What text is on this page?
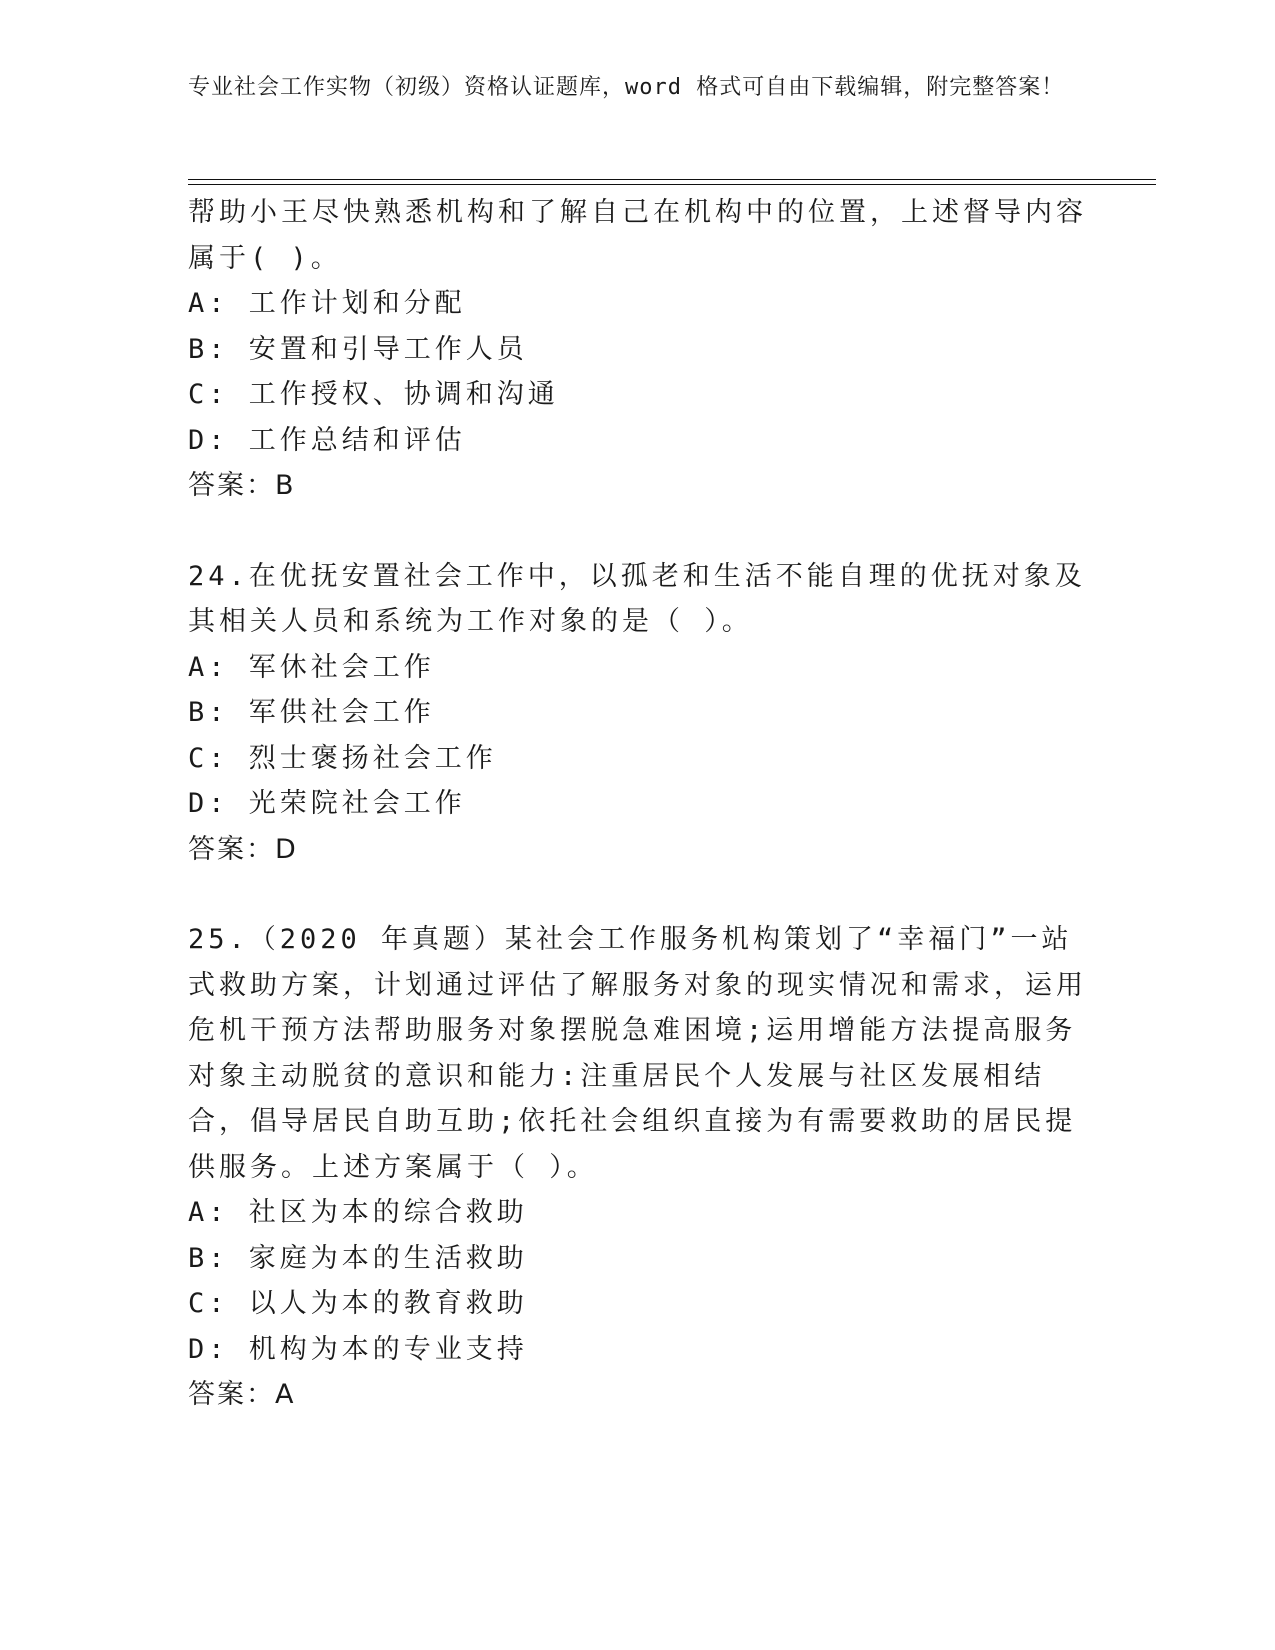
专业社会工作实物（初级）资格认证题库，word 格式可自由下载编辑，附完整答案！
帮助小王尽快熟悉机构和了解自己在机构中的位置，上述督导内容属于( )。
A: 工作计划和分配
B: 安置和引导工作人员
C: 工作授权、协调和沟通
D: 工作总结和评估
答案：B
24.在优抚安置社会工作中，以孤老和生活不能自理的优抚对象及其相关人员和系统为工作对象的是（ ）。
A: 军休社会工作
B: 军供社会工作
C: 烈士褒扬社会工作
D: 光荣院社会工作
答案：D
25.（2020 年真题）某社会工作服务机构策划了“幸福门”一站式救助方案，计划通过评估了解服务对象的现实情况和需求，运用危机干预方法帮助服务对象摆脱急难困境;运用增能方法提高服务对象主动脱贫的意识和能力:注重居民个人发展与社区发展相结合，倡导居民自助互助;依托社会组织直接为有需要救助的居民提供服务。上述方案属于（ ）。
A: 社区为本的综合救助
B: 家庭为本的生活救助
C: 以人为本的教育救助
D: 机构为本的专业支持
答案：A
